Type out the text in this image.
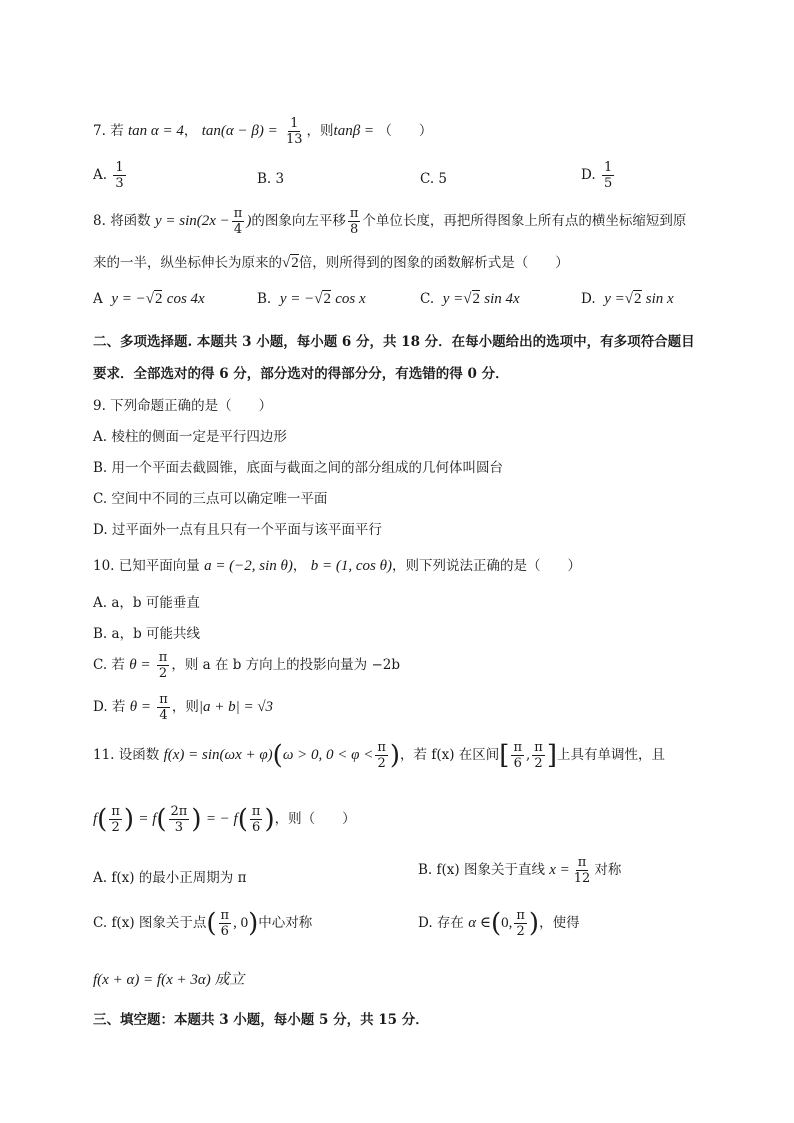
7. 若 tan α = 4， $\tan(\alpha - \beta) = \frac{1}{13}$ ，则tanβ = （　　）
A. $\frac{1}{3}$	B. 3	C. 5	D. $\frac{1}{5}$
8. 将函数 $y = \sin(2x - \frac{\pi}{4}$ )的图象向左平移 $\frac{\pi}{8}$ 个单位长度，再把所得图象上所有点的横坐标缩短到原
来的一半，纵坐标伸长为原来的√2倍，则所得到的图象的函数解析式是（　　）
A y = −√2 cos 4x	B. y = −√2 cos x	C. y =√2 sin 4x	D. y =√2 sin x
二、多项选择题. 本题共 3 小题，每小题 6 分，共 18 分．在每小题给出的选项中，有多项符合题目
要求．全部选对的得 6 分，部分选对的得部分分，有选错的得 0 分．
9. 下列命题正确的是（　　）
A. 棱柱的侧面一定是平行四边形
B. 用一个平面去截圆锥，底面与截面之间的部分组成的几何体叫圆台
C. 空间中不同的三点可以确定唯一平面
D. 过平面外一点有且只有一个平面与该平面平行
10. 已知平面向量 a = (−2, sin θ)， b = (1, cos θ)，则下列说法正确的是（　　）
A. a，b 可能垂直
B. a，b 可能共线
C. 若 $\theta = \frac{\pi}{2}$ ，则 a 在 b 方向上的投影向量为 −2b
D. 若 $\theta = \frac{\pi}{4}$ ，则|a + b| = √3
11. 设函数 f(x) = sin(ωx + φ)(ω > 0, $0 < \varphi < \frac{\pi}{2}$ )，若 f(x) 在区间[ $\frac{\pi}{6}$ , $\frac{\pi}{2}$ ]上具有单调性，且
$f( \frac{\pi}{2}$ ) = $f( \frac{2\pi}{3}$ ) = − $f( \frac{\pi}{6}$ )，则（　　）
A. f(x) 的最小正周期为 π	B. f(x) 图象关于直线 $x = \frac{\pi}{12}$ 对称
C. f(x) 图象关于点( $\frac{\pi}{6}$ , 0)中心对称	D. 存在 α ∈(0, $\frac{\pi}{2}$ )，使得
f(x + α) = f(x + 3α) 成立
三、填空题：本题共 3 小题，每小题 5 分，共 15 分．
